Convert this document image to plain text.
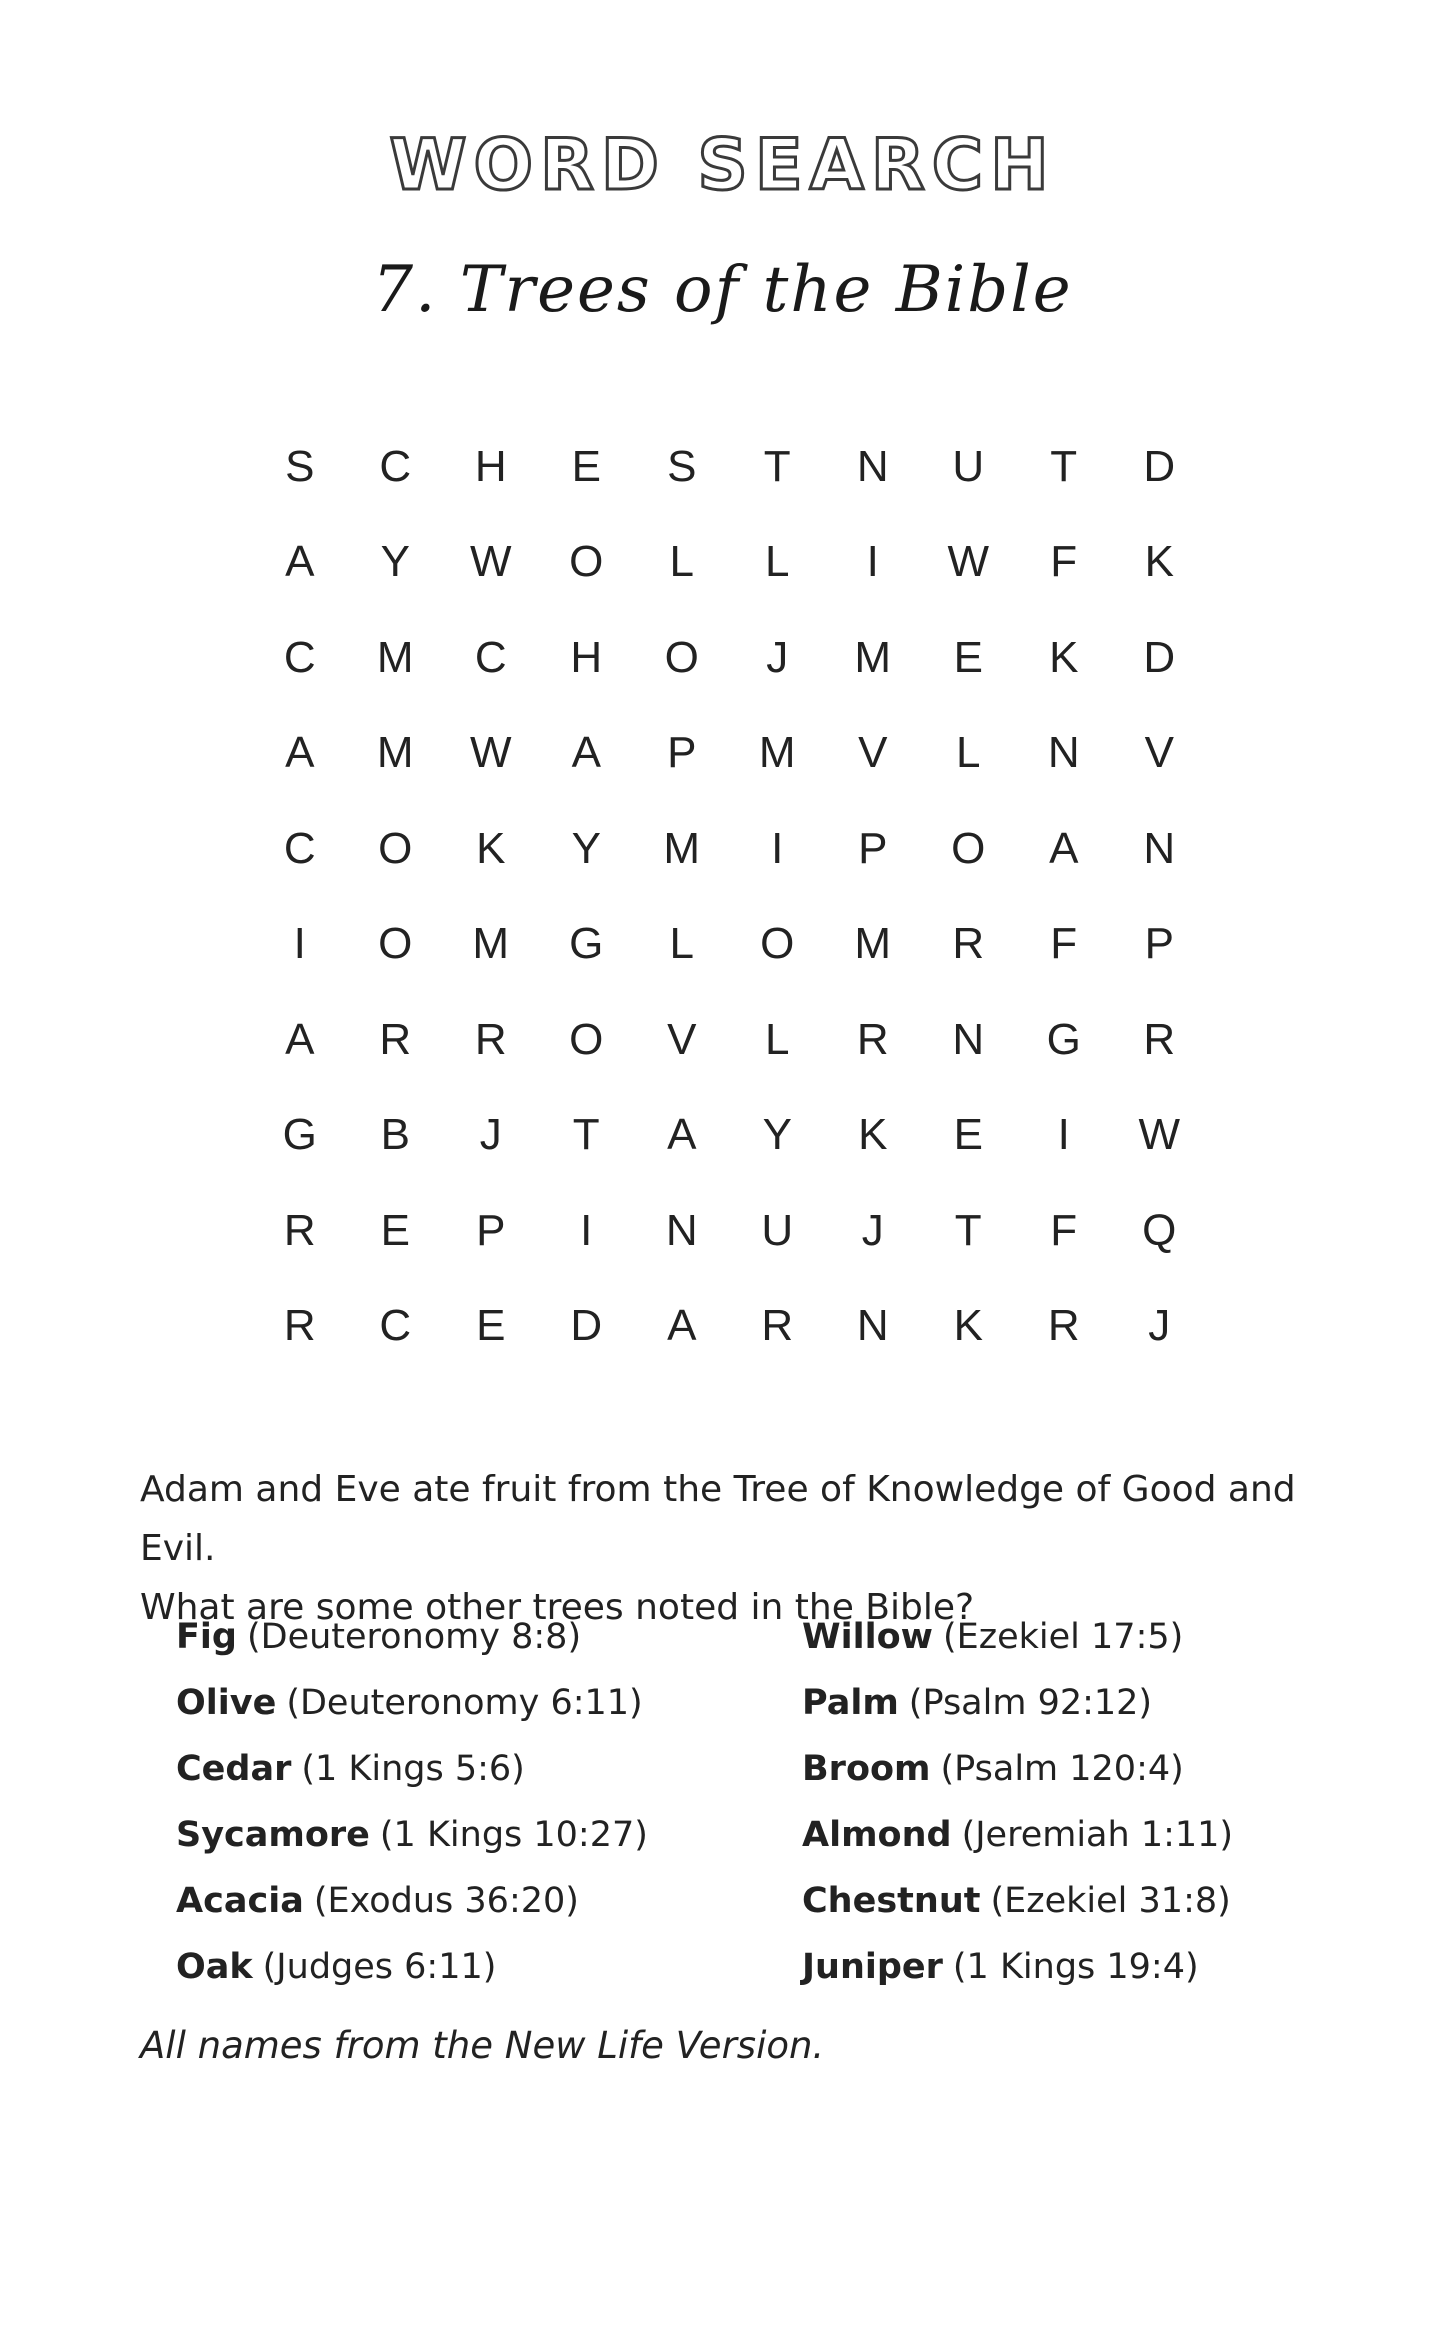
WORD SEARCH
7. Trees of the Bible
S	C	H	E	S	T	N	U	T	D
A	Y	W	O	L	L	I	W	F	K
C	M	C	H	O	J	M	E	K	D
A	M	W	A	P	M	V	L	N	V
C	O	K	Y	M	I	P	O	A	N
I	O	M	G	L	O	M	R	F	P
A	R	R	O	V	L	R	N	G	R
G	B	J	T	A	Y	K	E	I	W
R	E	P	I	N	U	J	T	F	Q
R	C	E	D	A	R	N	K	R	J

Adam and Eve ate fruit from the Tree of Knowledge of Good and Evil.

What are some other trees noted in the Bible?

Fig (Deuteronomy 8:8)	Willow (Ezekiel 17:5)
Olive (Deuteronomy 6:11)	Palm (Psalm 92:12)
Cedar (1 Kings 5:6)	Broom (Psalm 120:4)
Sycamore (1 Kings 10:27)	Almond (Jeremiah 1:11)
Acacia (Exodus 36:20)	Chestnut (Ezekiel 31:8)
Oak (Judges 6:11)	Juniper (1 Kings 19:4)
All names from the New Life Version.
